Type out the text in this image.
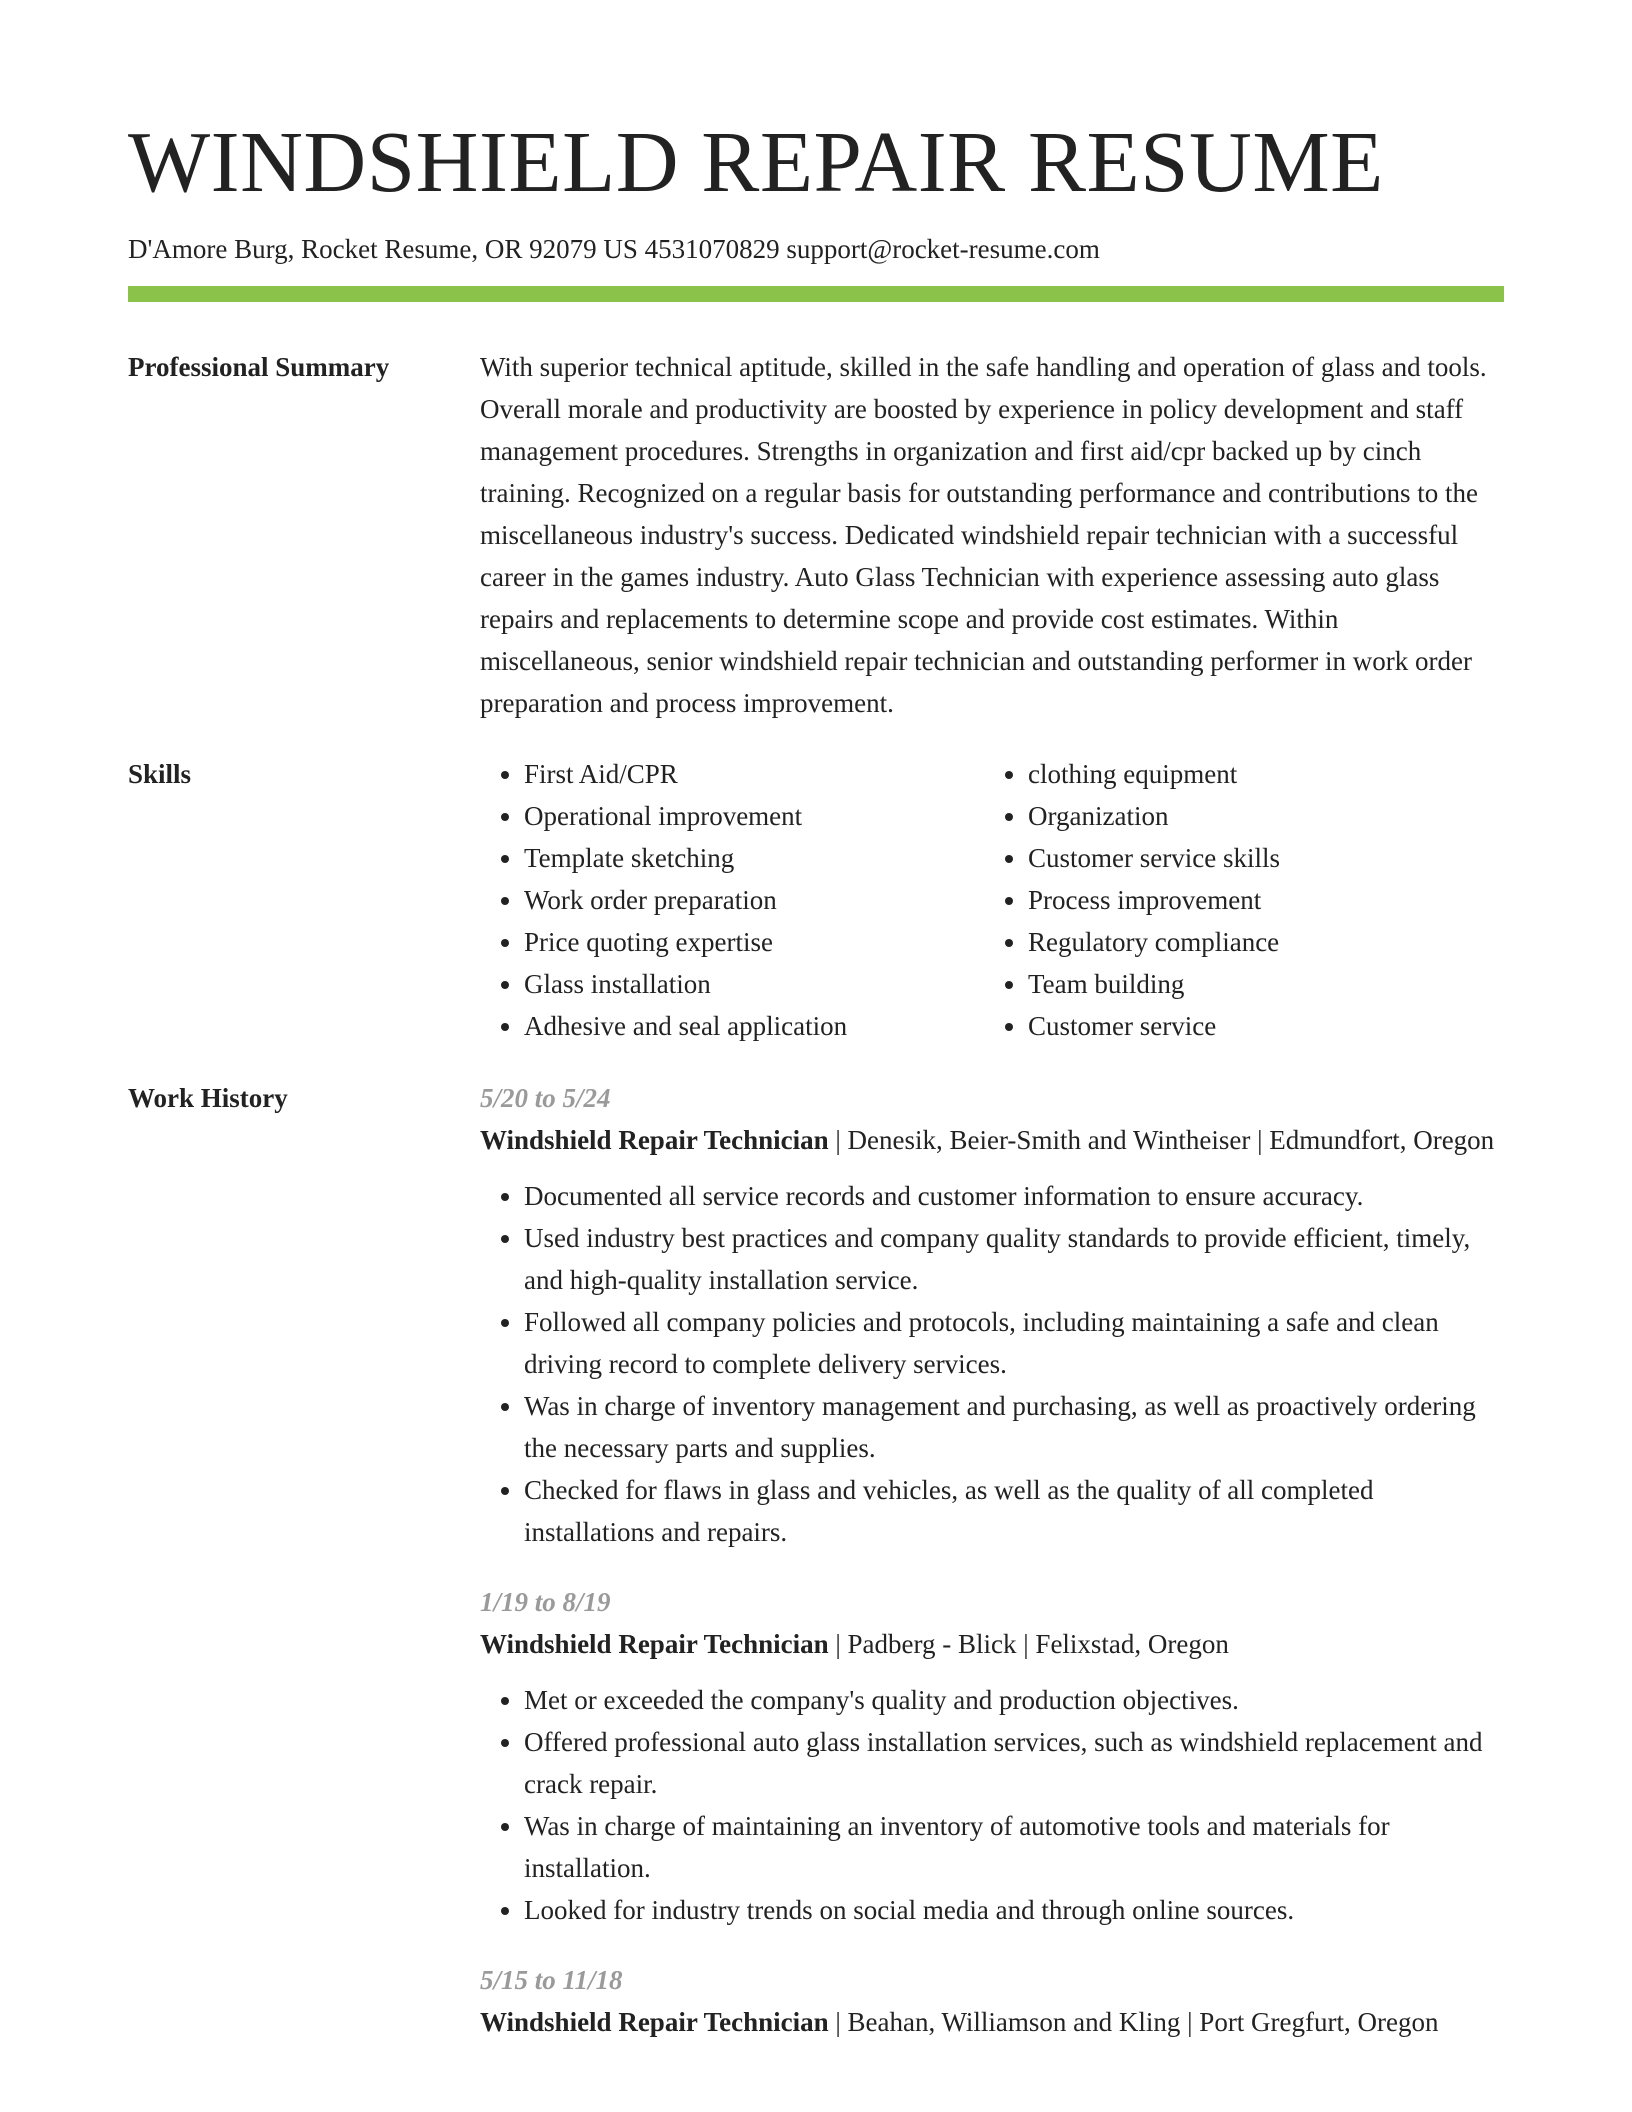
WINDSHIELD REPAIR RESUME
D'Amore Burg, Rocket Resume, OR 92079 US 4531070829 support@rocket-resume.com
Professional Summary	With superior technical aptitude, skilled in the safe handling and operation of glass and tools. Overall morale and productivity are boosted by experience in policy development and staff management procedures. Strengths in organization and first aid/cpr backed up by cinch training. Recognized on a regular basis for outstanding performance and contributions to the miscellaneous industry's success. Dedicated windshield repair technician with a successful career in the games industry. Auto Glass Technician with experience assessing auto glass repairs and replacements to determine scope and provide cost estimates. Within miscellaneous, senior windshield repair technician and outstanding performer in work order preparation and process improvement.

Skills
•	First Aid/CPR
• Operational improvement
• Template sketching
• Work order preparation
• Price quoting expertise
• Glass installation
• Adhesive and seal application
• clothing equipment
• Organization
• Customer service skills
• Process improvement
• Regulatory compliance
• Team building
• Customer service
Work History	5/20 to 5/24
Windshield Repair Technician | Denesik, Beier-Smith and Wintheiser | Edmundfort, Oregon
• Documented all service records and customer information to ensure accuracy.
• Used industry best practices and company quality standards to provide efficient, timely, and high-quality installation service.
• Followed all company policies and protocols, including maintaining a safe and clean driving record to complete delivery services.
• Was in charge of inventory management and purchasing, as well as proactively ordering the necessary parts and supplies.
• Checked for flaws in glass and vehicles, as well as the quality of all completed installations and repairs.
1/19 to 8/19
Windshield Repair Technician | Padberg - Blick | Felixstad, Oregon
• Met or exceeded the company's quality and production objectives.
• Offered professional auto glass installation services, such as windshield replacement and crack repair.
• Was in charge of maintaining an inventory of automotive tools and materials for installation.
• Looked for industry trends on social media and through online sources.
5/15 to 11/18
Windshield Repair Technician | Beahan, Williamson and Kling | Port Gregfurt, Oregon
